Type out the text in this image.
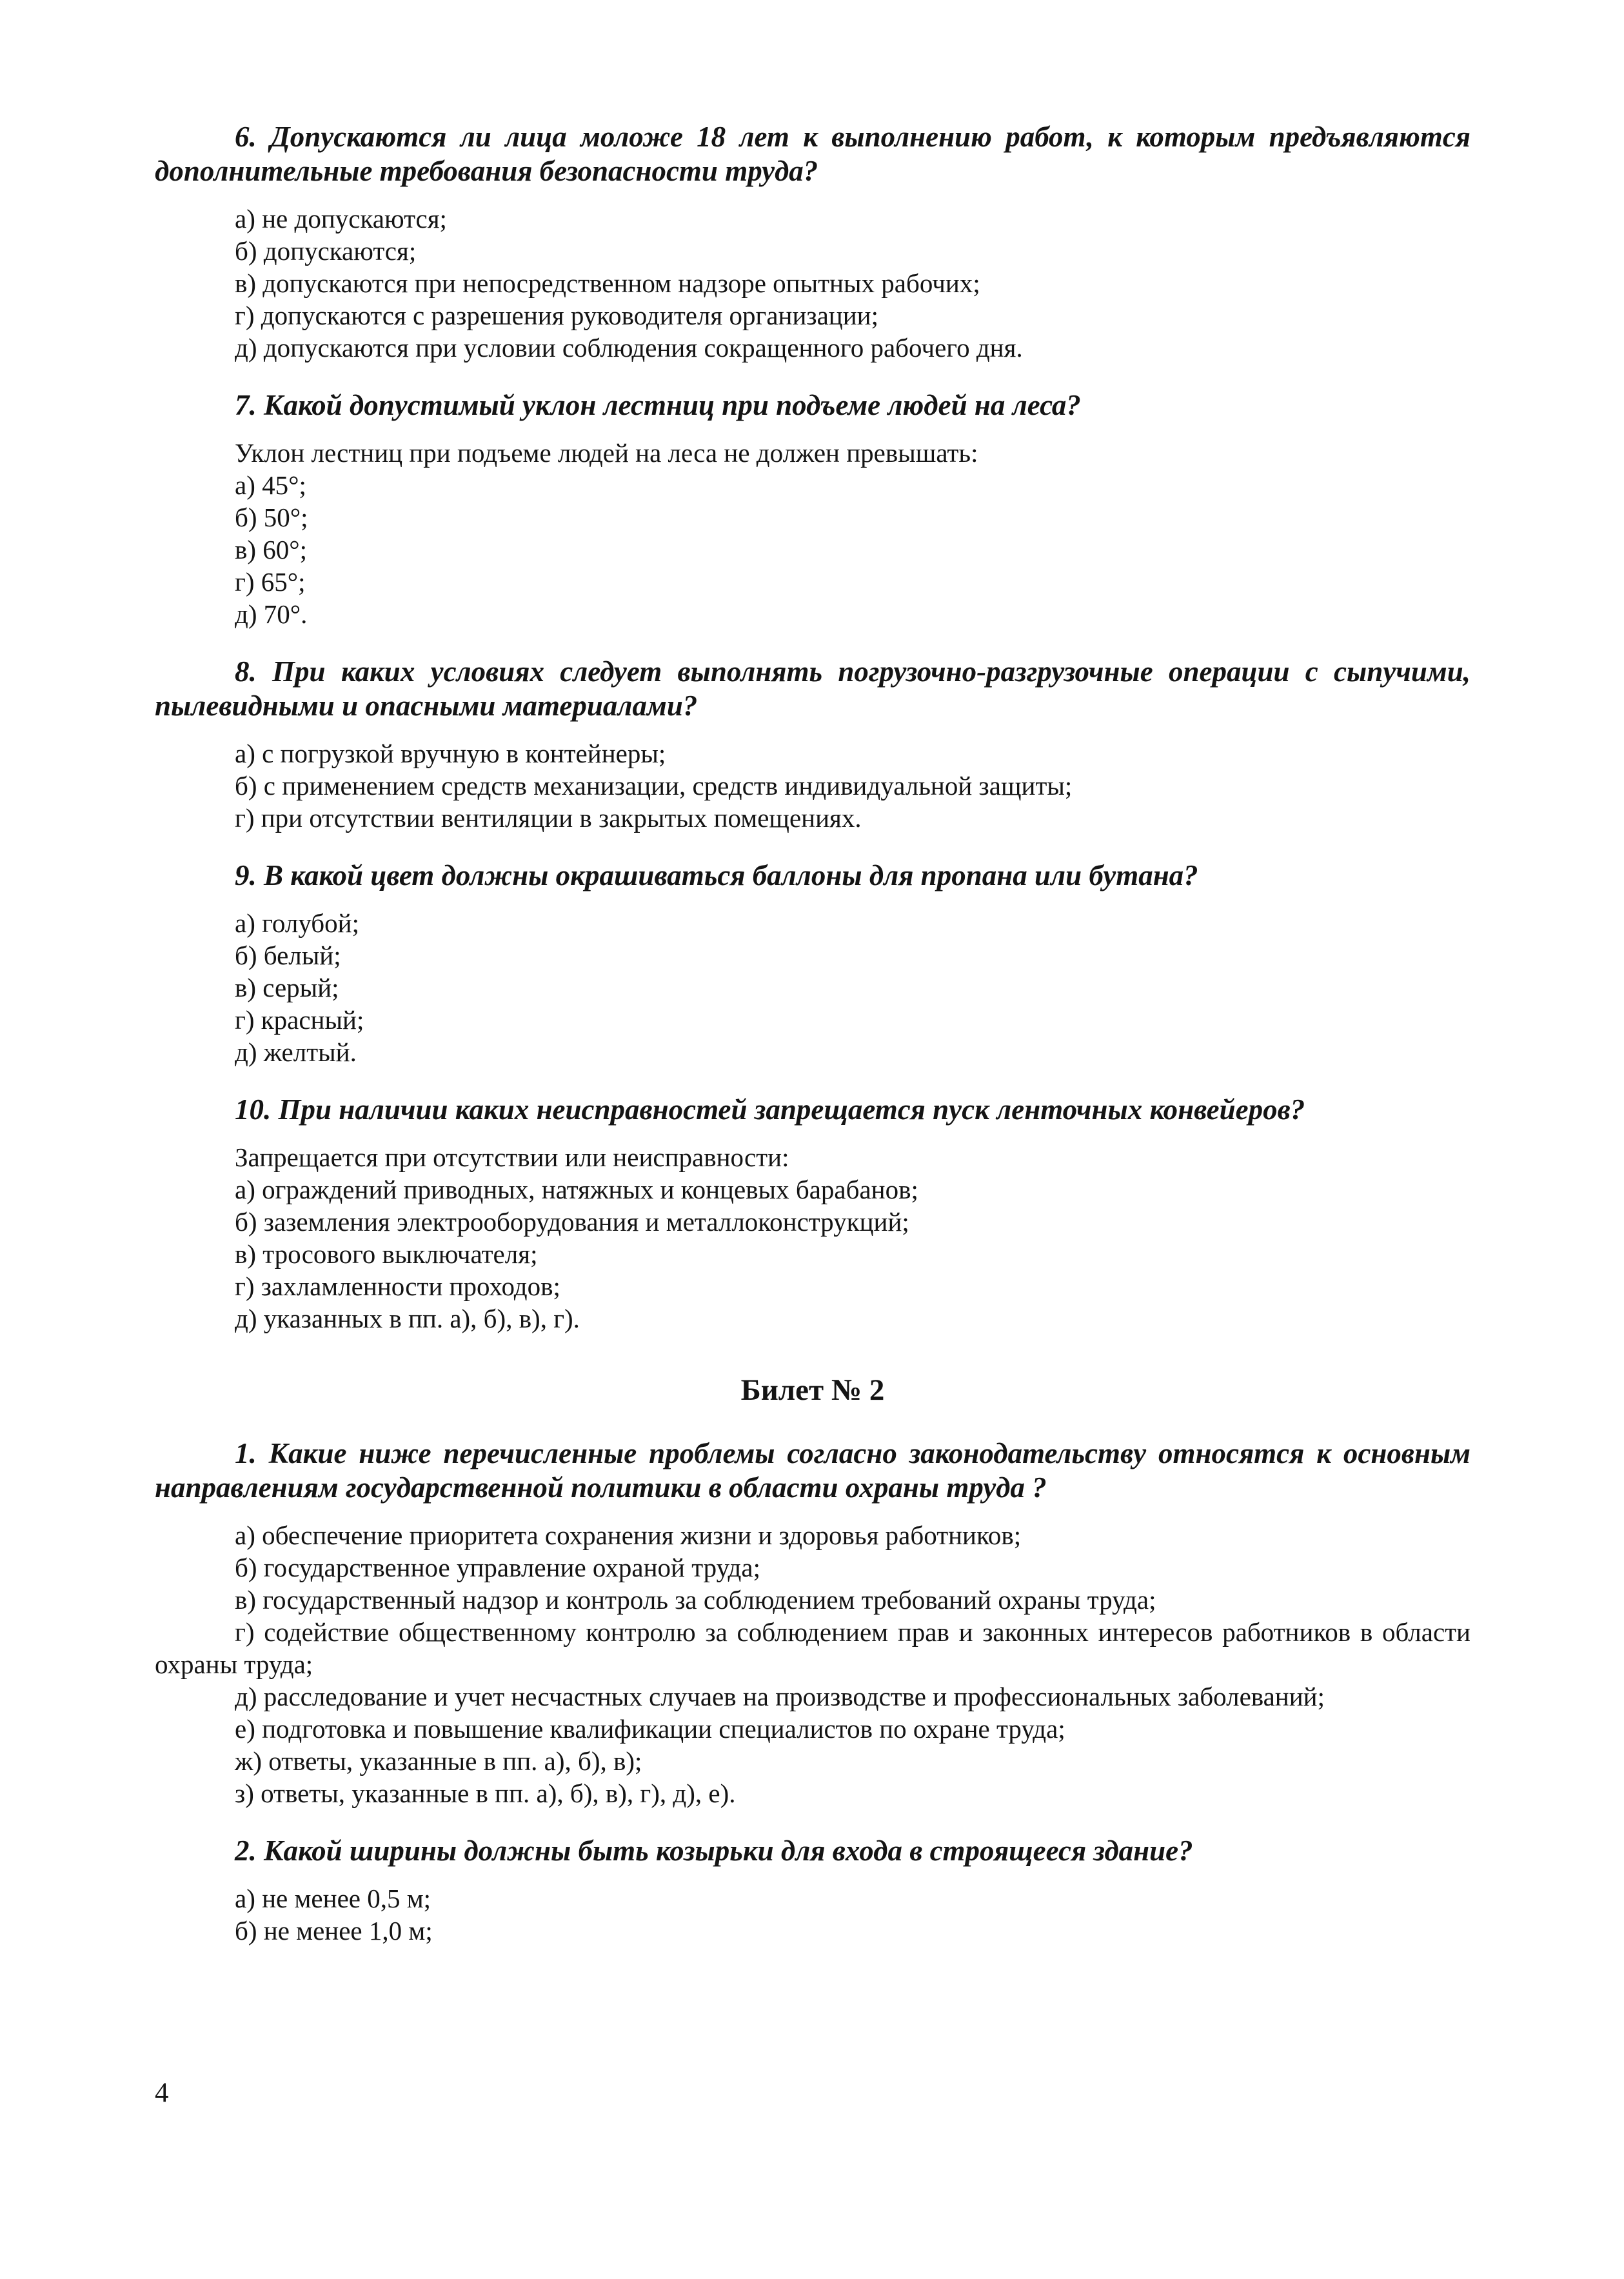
6. Допускаются ли лица моложе 18 лет к выполнению работ, к которым предъявляются дополнительные требования безопасности труда?

а) не допускаются;
б) допускаются;
в) допускаются при непосредственном надзоре опытных рабочих;
г) допускаются с разрешения руководителя организации;
д) допускаются при условии соблюдения сокращенного рабочего дня.

7. Какой допустимый уклон лестниц при подъеме людей на леса?

Уклон лестниц при подъеме людей на леса не должен превышать:
а) 45°;
б) 50°;
в) 60°;
г) 65°;
д) 70°.

8. При каких условиях следует выполнять погрузочно-разгрузочные операции с сыпучими, пылевидными и опасными материалами?

а) с погрузкой вручную в контейнеры;
б) с применением средств механизации, средств индивидуальной защиты;
г) при отсутствии вентиляции в закрытых помещениях.

9. В какой цвет должны окрашиваться баллоны для пропана или бутана?

а) голубой;
б) белый;
в) серый;
г) красный;
д) желтый.

10. При наличии каких неисправностей запрещается пуск ленточных конвейеров?

Запрещается при отсутствии или неисправности:
а) ограждений приводных, натяжных и концевых барабанов;
б) заземления электрооборудования и металлоконструкций;
в) тросового выключателя;
г) захламленности проходов;
д) указанных в пп. а), б), в), г).
Билет № 2

1. Какие ниже перечисленные проблемы согласно законодательству относятся к основным направлениям государственной политики в области охраны труда ?

а) обеспечение приоритета сохранения жизни и здоровья работников;
б) государственное управление охраной труда;
в) государственный надзор и контроль за соблюдением требований охраны труда;
г) содействие общественному контролю за соблюдением прав и законных интересов работников в области охраны труда;
д) расследование и учет несчастных случаев на производстве и профессиональных заболеваний;
е) подготовка и повышение квалификации специалистов по охране труда;
ж) ответы, указанные в пп. а), б), в);
з) ответы, указанные в пп. а), б), в), г), д), е).

2. Какой ширины должны быть козырьки для входа в строящееся здание?

а) не менее 0,5 м;
б) не менее 1,0 м;
4
